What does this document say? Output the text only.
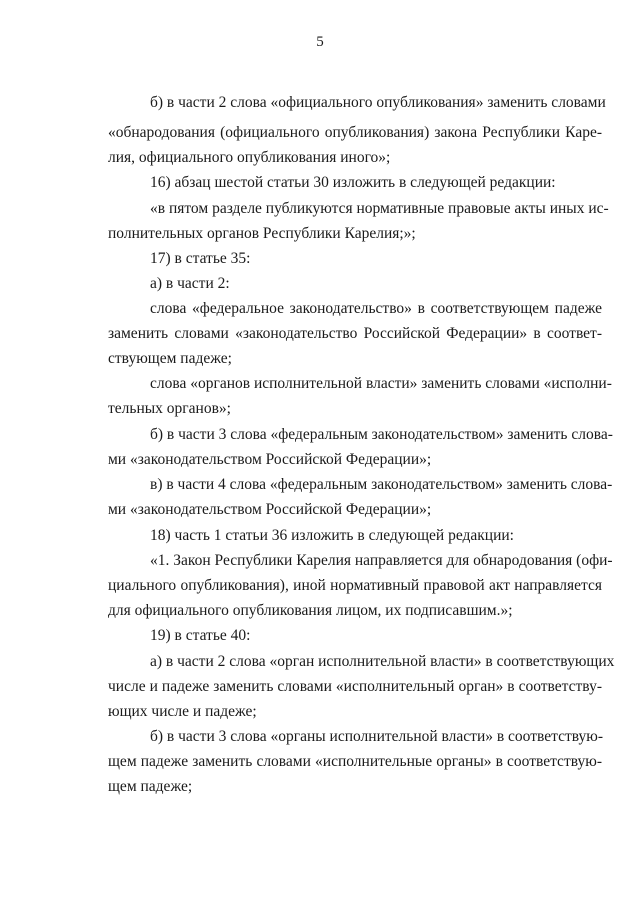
5
б) в части 2 слова «официального опубликования» заменить словами
«обнародования (официального опубликования) закона Республики Каре-
лия, официального опубликования иного»;
16) абзац шестой статьи 30 изложить в следующей редакции:
«в пятом разделе публикуются нормативные правовые акты иных ис-
полнительных органов Республики Карелия;»;
17) в статье 35:
а) в части 2:
слова «федеральное законодательство» в соответствующем падеже
заменить словами «законодательство Российской Федерации» в соответ-
ствующем падеже;
слова «органов исполнительной власти» заменить словами «исполни-
тельных органов»;
б) в части 3 слова «федеральным законодательством» заменить слова-
ми «законодательством Российской Федерации»;
в) в части 4 слова «федеральным законодательством» заменить слова-
ми «законодательством Российской Федерации»;
18) часть 1 статьи 36 изложить в следующей редакции:
«1. Закон Республики Карелия направляется для обнародования (офи-
циального опубликования), иной нормативный правовой акт направляется
для официального опубликования лицом, их подписавшим.»;
19) в статье 40:
а) в части 2 слова «орган исполнительной власти» в соответствующих
числе и падеже заменить словами «исполнительный орган» в соответству-
ющих числе и падеже;
б) в части 3 слова «органы исполнительной власти» в соответствую-
щем падеже заменить словами «исполнительные органы» в соответствую-
щем падеже;
